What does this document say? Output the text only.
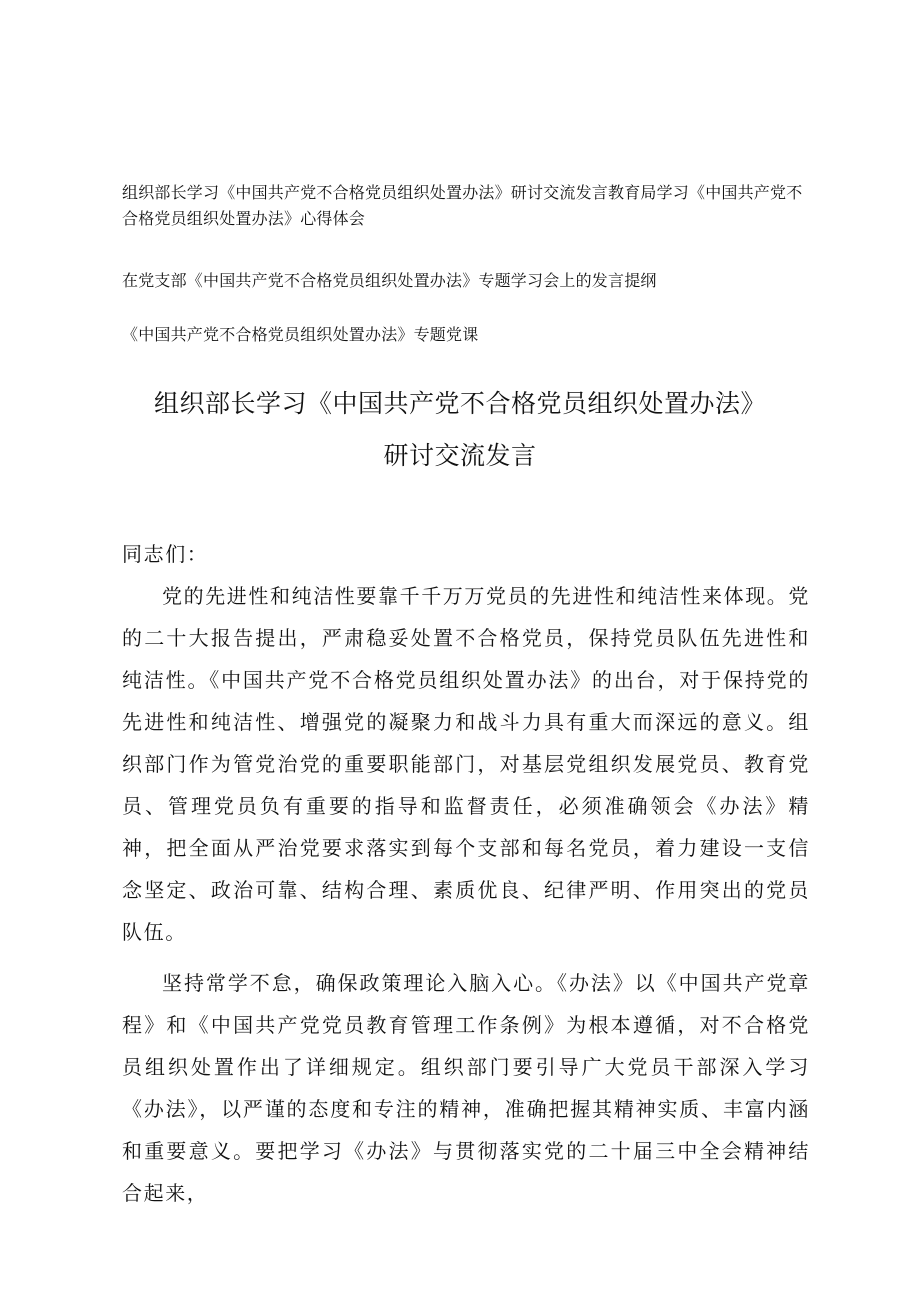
组织部长学习《中国共产党不合格党员组织处置办法》研讨交流发言教育局学习《中国共产党不合格党员组织处置办法》心得体会
在党支部《中国共产党不合格党员组织处置办法》专题学习会上的发言提纲
《中国共产党不合格党员组织处置办法》专题党课
组织部长学习《中国共产党不合格党员组织处置办法》
研讨交流发言

同志们：

党的先进性和纯洁性要靠千千万万党员的先进性和纯洁性来体现。党的二十大报告提出，严肃稳妥处置不合格党员，保持党员队伍先进性和纯洁性。《中国共产党不合格党员组织处置办法》的出台，对于保持党的先进性和纯洁性、增强党的凝聚力和战斗力具有重大而深远的意义。组织部门作为管党治党的重要职能部门，对基层党组织发展党员、教育党员、管理党员负有重要的指导和监督责任，必须准确领会《办法》精神，把全面从严治党要求落实到每个支部和每名党员，着力建设一支信念坚定、政治可靠、结构合理、素质优良、纪律严明、作用突出的党员队伍。

坚持常学不怠，确保政策理论入脑入心。《办法》以《中国共产党章程》和《中国共产党党员教育管理工作条例》为根本遵循，对不合格党员组织处置作出了详细规定。组织部门要引导广大党员干部深入学习《办法》，以严谨的态度和专注的精神，准确把握其精神实质、丰富内涵和重要意义。要把学习《办法》与贯彻落实党的二十届三中全会精神结合起来，
